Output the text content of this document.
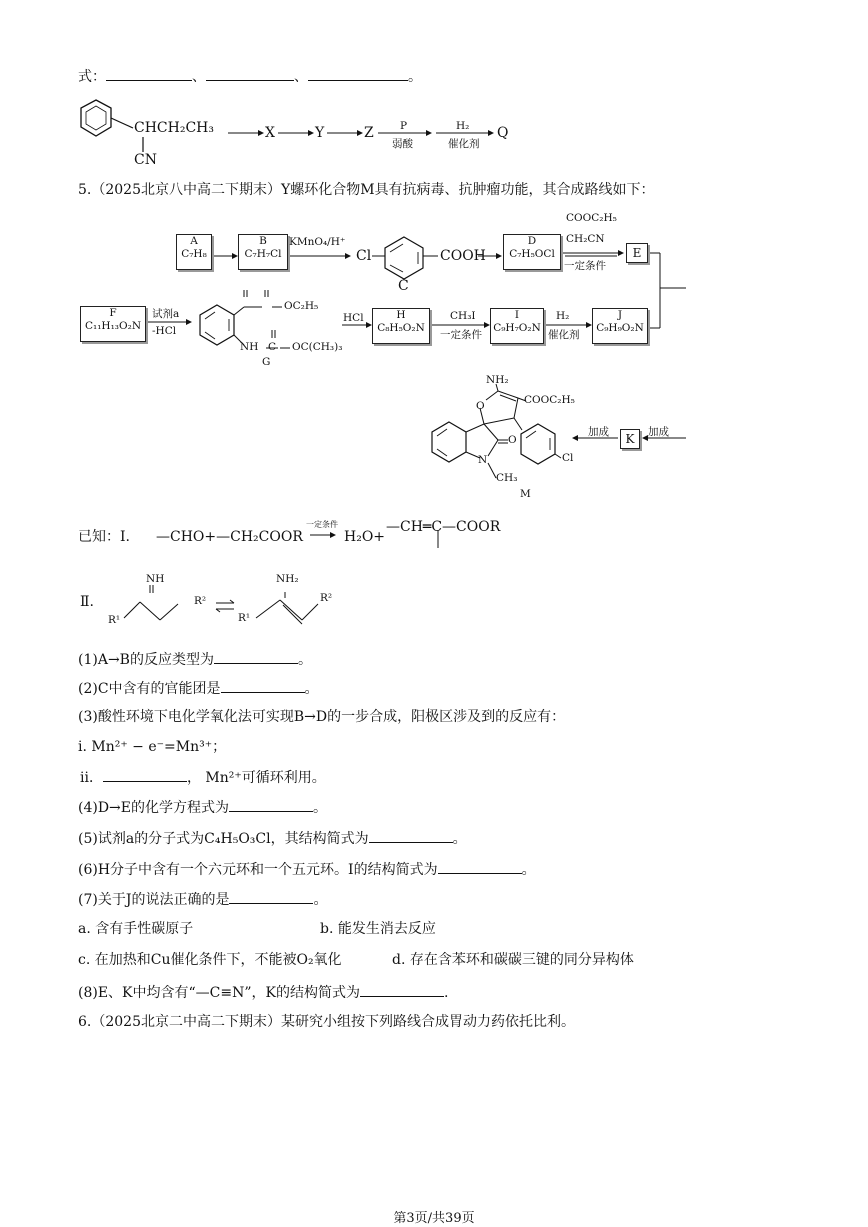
式：	、	、	。
CHCH₂CH₃
CN
X	Y	Z	Q
P
弱酸
H₂
催化剂
5.（2025北京八中高二下期末）Y螺环化合物M具有抗病毒、抗肿瘤功能，其合成路线如下：
A
C₇H₈
B
C₇H₇Cl
KMnO₄/H⁺
Cl	COOH
C
D
C₇H₅OCl
COOC₂H₅
CH₂CN
一定条件
E
F
C₁₁H₁₃O₂N
试剂a
-HCl
OC₂H₅
NH C OC(CH₃)₃
G
HCl	H
C₈H₅O₂N
CH₃I
一定条件
I
C₉H₇O₂N
H₂
催化剂
J
C₉H₉O₂N
NH₂
O	COOC₂H₅
O
N
CH₃
Cl
M
加成	K	加成
已知：Ⅰ. —CHO+—CH₂COOR
一定条件
H₂O+
—CH═C—COOR
Ⅱ.
NH
R¹
R²
NH₂
R¹
R²
(1)A→B的反应类型为	。
(2)C中含有的官能团是	。
(3)酸性环境下电化学氧化法可实现B→D的一步合成，阳极区涉及到的反应有：
i. Mn²⁺ − e⁻=Mn³⁺；
ii．	， Mn²⁺可循环利用。
(4)D→E的化学方程式为	。
(5)试剂a的分子式为C₄H₅O₃Cl，其结构简式为	。
(6)H分子中含有一个六元环和一个五元环。I的结构简式为	。
(7)关于J的说法正确的是	。
a. 含有手性碳原子	b. 能发生消去反应
c. 在加热和Cu催化条件下，不能被O₂氧化	d. 存在含苯环和碳碳三键的同分异构体
(8)E、K中均含有“—C≡N”，K的结构简式为	.
6.（2025北京二中高二下期末）某研究小组按下列路线合成胃动力药依托比利。
第3页/共39页
